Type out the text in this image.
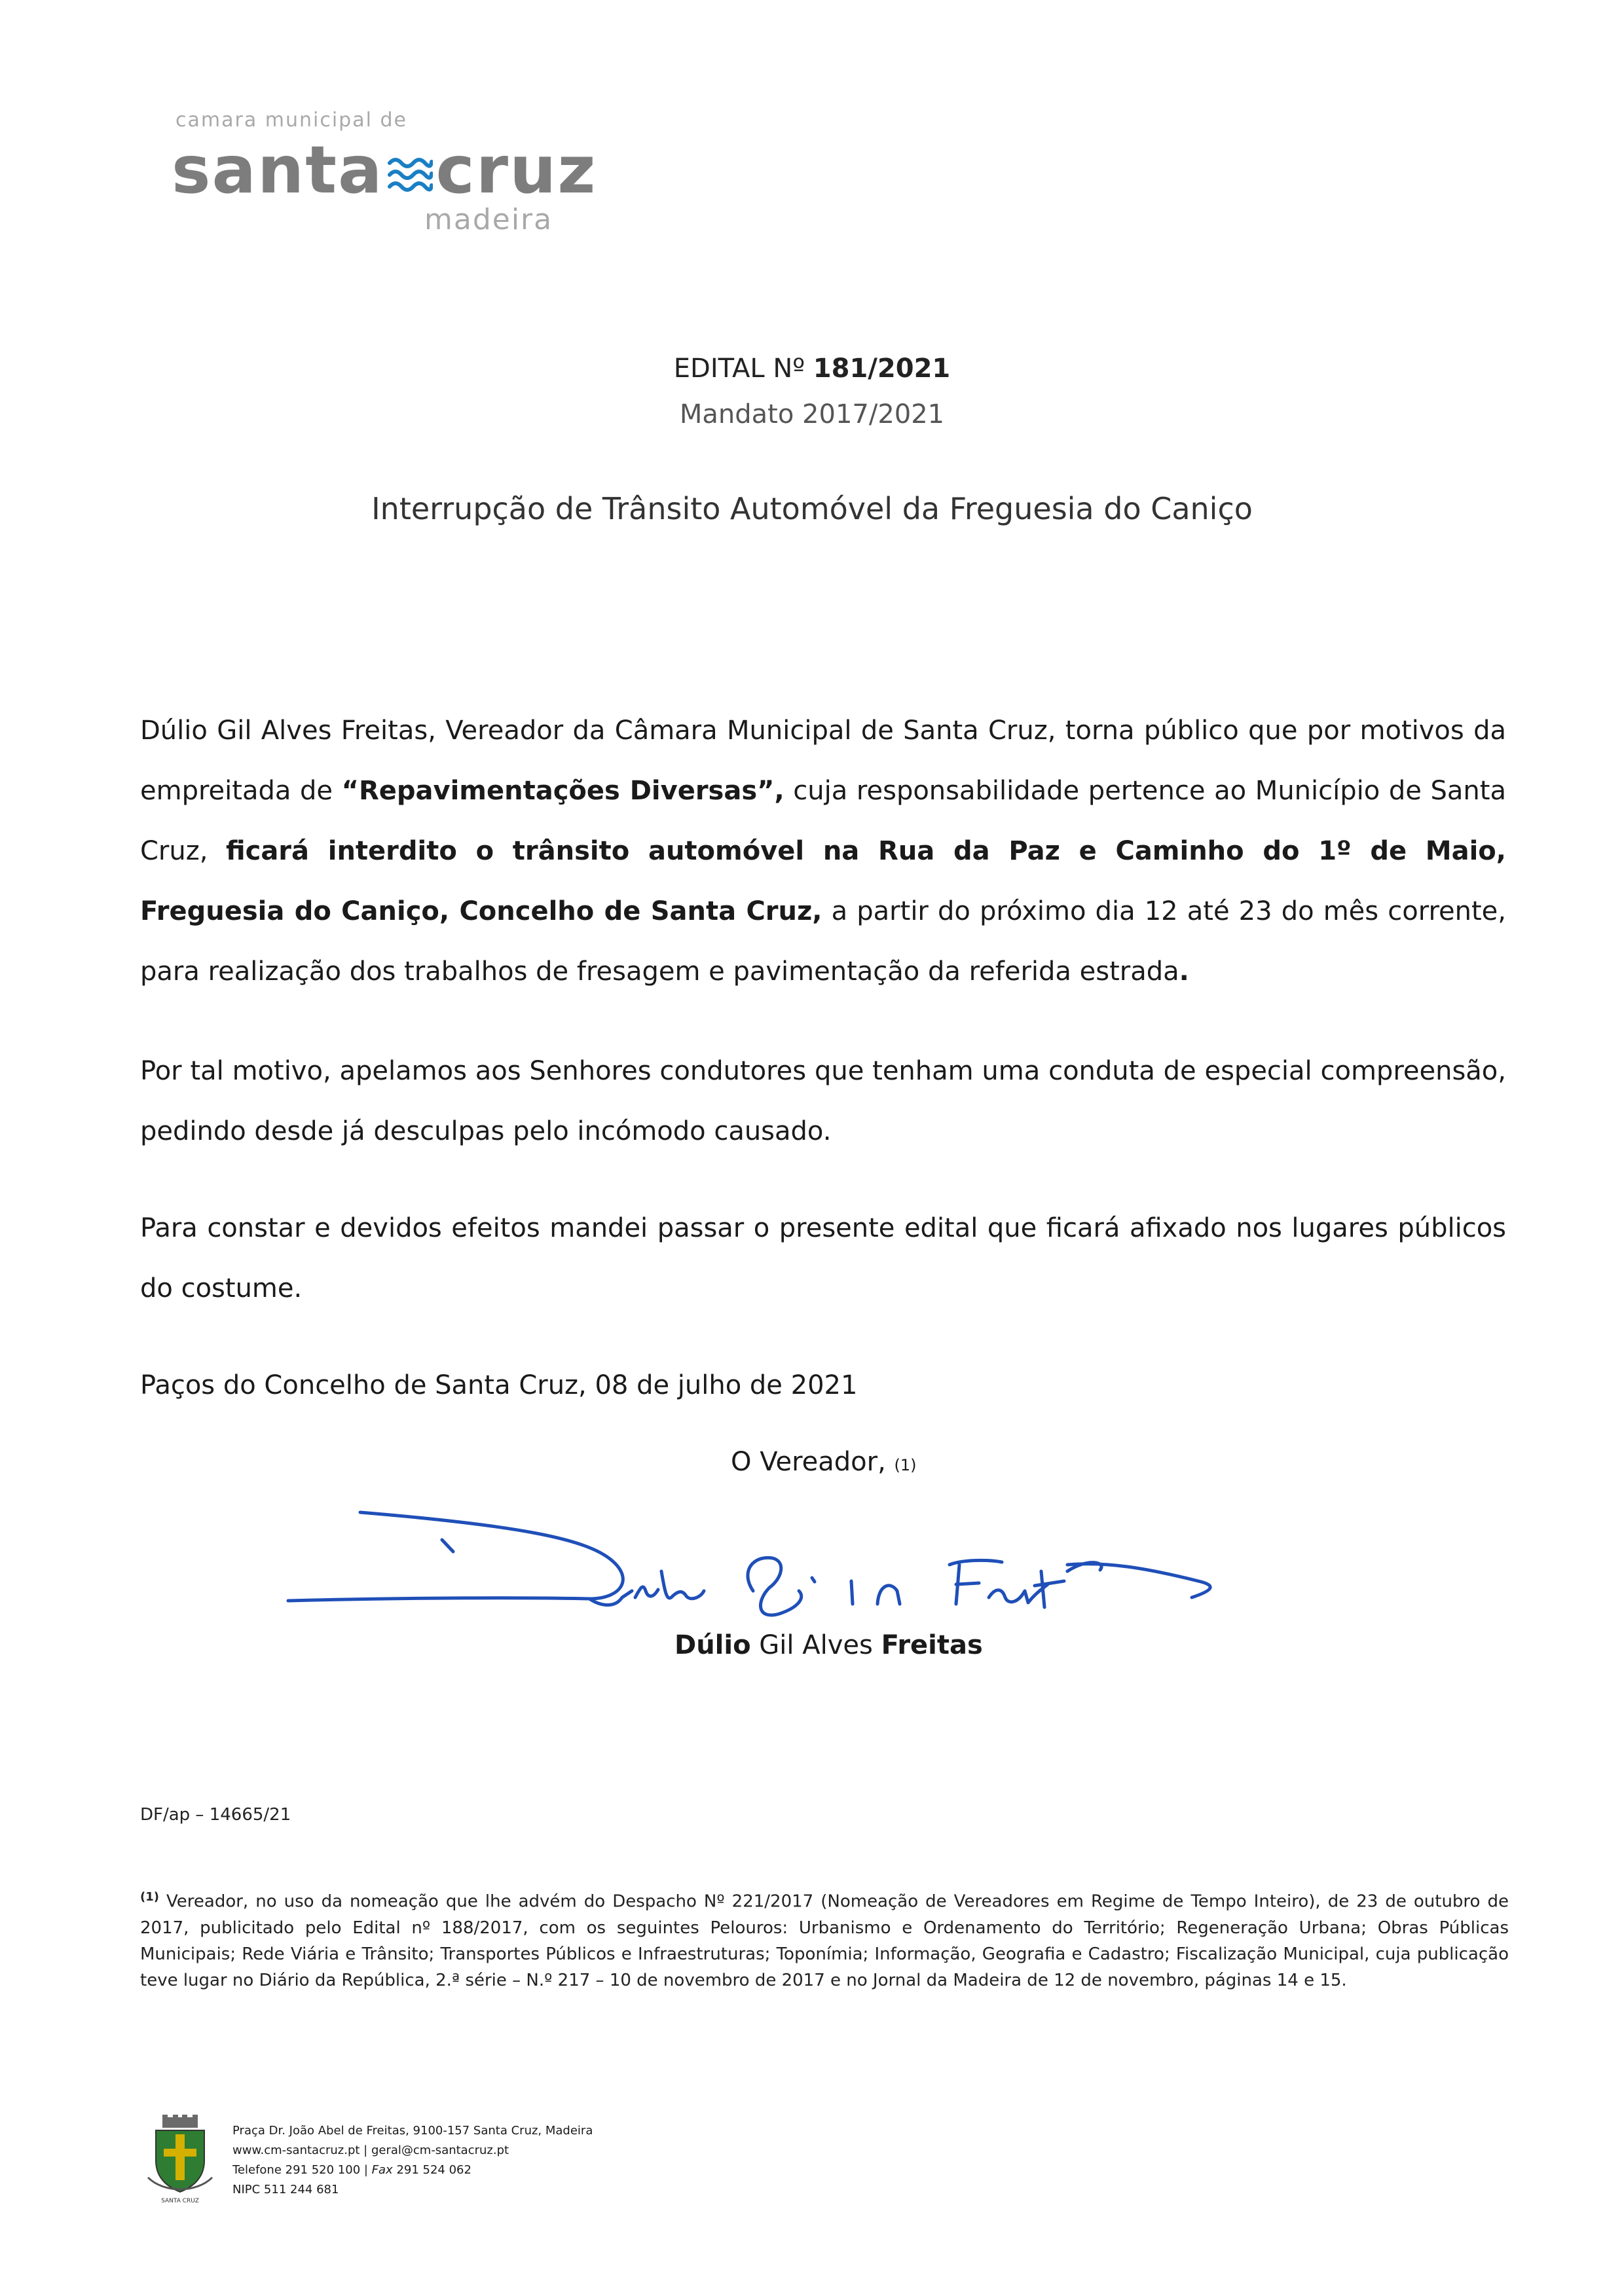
camara municipal de
santa cruz
madeira
EDITAL Nº 181/2021
Mandato 2017/2021
Interrupção de Trânsito Automóvel da Freguesia do Caniço
Dúlio Gil Alves Freitas, Vereador da Câmara Municipal de Santa Cruz, torna público que por motivos da empreitada de “Repavimentações Diversas”, cuja responsabilidade pertence ao Município de Santa Cruz, ficará interdito o trânsito automóvel na Rua da Paz e Caminho do 1º de Maio, Freguesia do Caniço, Concelho de Santa Cruz, a partir do próximo dia 12 até 23 do mês corrente, para realização dos trabalhos de fresagem e pavimentação da referida estrada.
Por tal motivo, apelamos aos Senhores condutores que tenham uma conduta de especial compreensão, pedindo desde já desculpas pelo incómodo causado.
Para constar e devidos efeitos mandei passar o presente edital que ficará afixado nos lugares públicos do costume.
Paços do Concelho de Santa Cruz, 08 de julho de 2021
O Vereador, (1)
Dúlio Gil Alves Freitas
DF/ap – 14665/21
$^{(1)}$ Vereador, no uso da nomeação que lhe advém do Despacho Nº 221/2017 (Nomeação de Vereadores em Regime de Tempo Inteiro), de 23 de outubro de 2017, publicitado pelo Edital nº 188/2017, com os seguintes Pelouros: Urbanismo e Ordenamento do Território; Regeneração Urbana; Obras Públicas Municipais; Rede Viária e Trânsito; Transportes Públicos e Infraestruturas; Toponímia; Informação, Geografia e Cadastro; Fiscalização Municipal, cuja publicação teve lugar no Diário da República, 2.ª série – N.º 217 – 10 de novembro de 2017 e no Jornal da Madeira de 12 de novembro, páginas 14 e 15.
SANTA CRUZ
Praça Dr. João Abel de Freitas, 9100-157 Santa Cruz, Madeira
www.cm-santacruz.pt | geral@cm-santacruz.pt
Telefone 291 520 100 | Fax 291 524 062
NIPC 511 244 681
